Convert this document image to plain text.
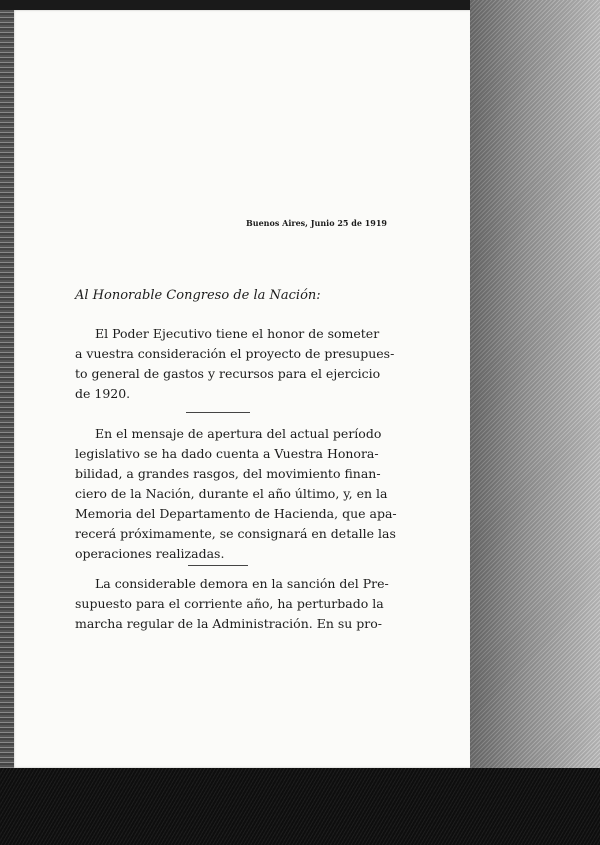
Buenos Aires, Junio 25 de 1919
Al Honorable Congreso de la Nación:
El Poder Ejecutivo tiene el honor de someter
a vuestra consideración el proyecto de presupues-
to general de gastos y recursos para el ejercicio
de 1920.
En el mensaje de apertura del actual período
legislativo se ha dado cuenta a Vuestra Honora-
bilidad, a grandes rasgos, del movimiento finan-
ciero de la Nación, durante el año último, y, en la
Memoria del Departamento de Hacienda, que apa-
recerá próximamente, se consignará en detalle las
operaciones realizadas.
La considerable demora en la sanción del Pre-
supuesto para el corriente año, ha perturbado la
marcha regular de la Administración. En su pro-
